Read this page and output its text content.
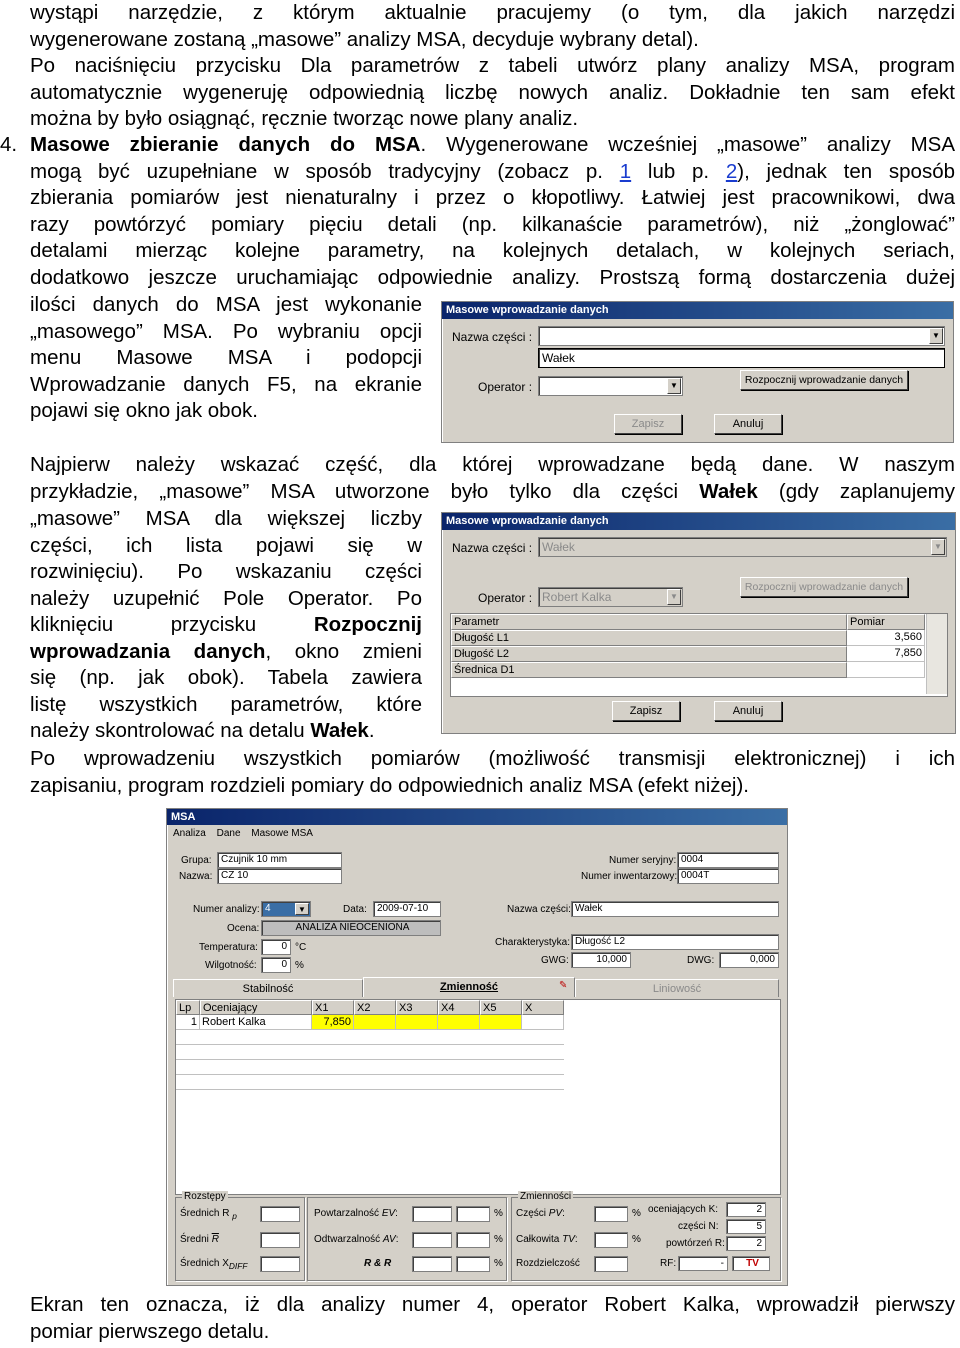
wystąpi narzędzie, z którym aktualnie pracujemy (o tym, dla jakich narzędzi
wygenerowane zostaną „masowe” analizy MSA, decyduje wybrany detal).
Po naciśnięciu przycisku Dla parametrów z tabeli utwórz plany analizy MSA, program
automatycznie wygeneruję odpowiednią liczbę nowych analiz. Dokładnie ten sam efekt
można by było osiągnąć, ręcznie tworząc nowe plany analiz.
4. Masowe zbieranie danych do MSA. Wygenerowane wcześniej „masowe” analizy MSA
mogą być uzupełniane w sposób tradycyjny (zobacz p. 1 lub p. 2), jednak ten sposób
zbierania pomiarów jest nienaturalny i przez o kłopotliwy. Łatwiej jest pracownikowi, dwa
razy powtórzyć pomiary pięciu detali (np. kilkanaście parametrów), niż „żonglować”
detalami mierząc kolejne parametry, na kolejnych detalach, w kolejnych seriach,
dodatkowo jeszcze uruchamiając odpowiednie analizy. Prostszą formą dostarczenia dużej
ilości danych do MSA jest wykonanie
„masowego” MSA. Po wybraniu opcji
menu Masowe MSA i podopcji
Wprowadzanie danych F5, na ekranie
pojawi się okno jak obok.
Masowe wprowadzanie danych
Nazwa części :	▼
Wałek
Operator :	▼	Rozpocznij wprowadzanie danych
Zapisz	Anuluj
Najpierw należy wskazać część, dla której wprowadzane będą dane. W naszym
przykładzie, „masowe” MSA utworzone było tylko dla części Wałek (gdy zaplanujemy
„masowe” MSA dla większej liczby
części, ich lista pojawi się w
rozwinięciu). Po wskazaniu części
należy uzupełnić Pole Operator. Po
kliknięciu przycisku Rozpocznij
wprowadzania danych, okno zmieni
się (np. jak obok). Tabela zawiera
listę wszystkich parametrów, które
należy skontrolować na detalu Wałek.
Po wprowadzeniu wszystkich pomiarów (możliwość transmisji elektronicznej) i ich
zapisaniu, program rozdzieli pomiary do odpowiednich analiz MSA (efekt niżej).
Masowe wprowadzanie danych
Nazwa części : Wałek	▼
Operator : Robert Kalka	▼
Rozpocznij wprowadzanie danych
Parametr	Pomiar
Długość L1	3,560
Długość L2	7,850
Średnica D1
Zapisz	Anuluj
MSA
Analiza Dane Masowe MSA
Grupa: Czujnik 10 mm
Nazwa: CZ 10
Numer seryjny: 0004
Numer inwentarzowy: 0004T
Numer analizy: 4	▼	Data:	2009-07-10
Ocena:	ANALIZA NIEOCENIONA
Temperatura:	0 °C
Wilgotność:	0 %
Nazwa części: Wałek
Charakterystyka: Długość L2
GWG:	10,000	DWG:	0,000
Stabilność	Zmienność	✎	Liniowość
Lp	Oceniający	X1	X2	X3	X4	X5	X
1 Robert Kalka	7,850
Rozstępy
Średnich R $_p$
Średni $\overline{R}$
Średnich $X_{DIFF}$
Powtarzalność EV:	%
Odtwarzalność AV:	%
R & R	%
Zmienności
Części PV:	%
Całkowita TV:	%
Rozdzielczość
oceniających K:	2
części N:	5
powtórzeń R:	2
RF:	-	TV
Ekran ten oznacza, iż dla analizy numer 4, operator Robert Kalka, wprowadził pierwszy
pomiar pierwszego detalu.
